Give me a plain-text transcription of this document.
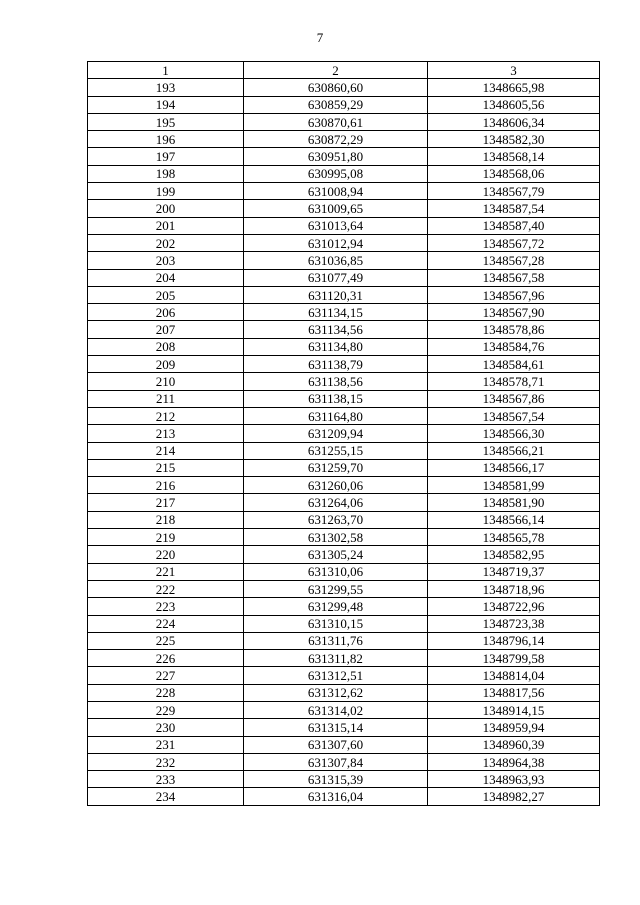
7
1	2	3
193	630860,60	1348665,98
194	630859,29	1348605,56
195	630870,61	1348606,34
196	630872,29	1348582,30
197	630951,80	1348568,14
198	630995,08	1348568,06
199	631008,94	1348567,79
200	631009,65	1348587,54
201	631013,64	1348587,40
202	631012,94	1348567,72
203	631036,85	1348567,28
204	631077,49	1348567,58
205	631120,31	1348567,96
206	631134,15	1348567,90
207	631134,56	1348578,86
208	631134,80	1348584,76
209	631138,79	1348584,61
210	631138,56	1348578,71
211	631138,15	1348567,86
212	631164,80	1348567,54
213	631209,94	1348566,30
214	631255,15	1348566,21
215	631259,70	1348566,17
216	631260,06	1348581,99
217	631264,06	1348581,90
218	631263,70	1348566,14
219	631302,58	1348565,78
220	631305,24	1348582,95
221	631310,06	1348719,37
222	631299,55	1348718,96
223	631299,48	1348722,96
224	631310,15	1348723,38
225	631311,76	1348796,14
226	631311,82	1348799,58
227	631312,51	1348814,04
228	631312,62	1348817,56
229	631314,02	1348914,15
230	631315,14	1348959,94
231	631307,60	1348960,39
232	631307,84	1348964,38
233	631315,39	1348963,93
234	631316,04	1348982,27
